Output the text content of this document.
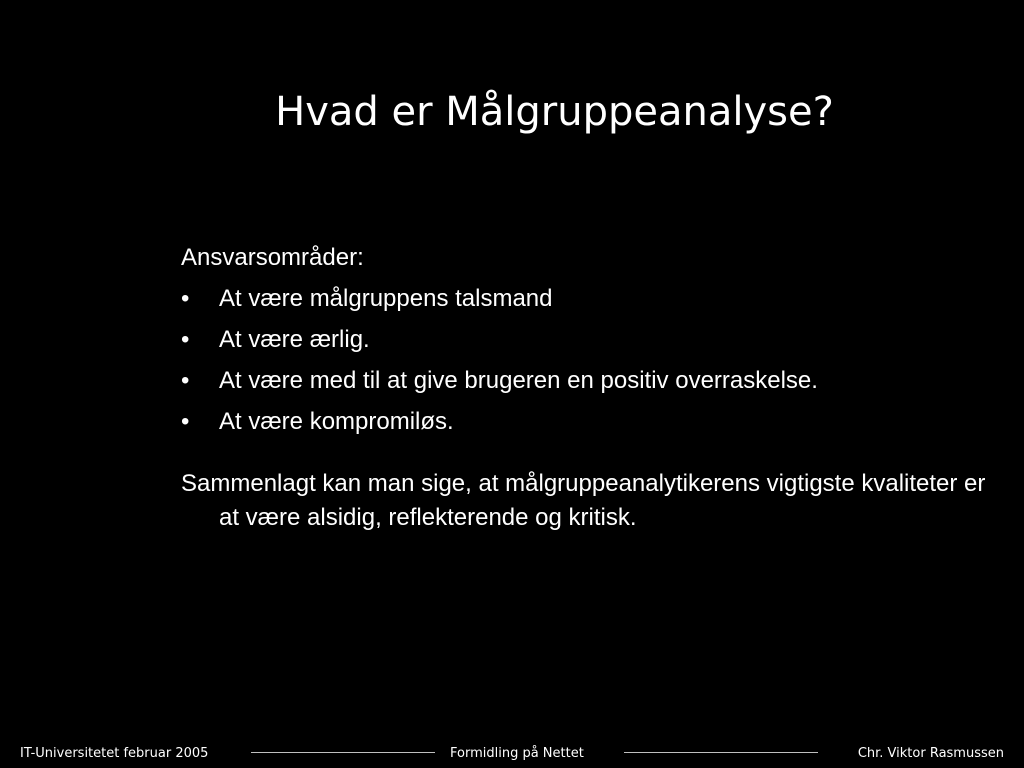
Hvad er Målgruppeanalyse?
Ansvarsområder:
• At være målgruppens talsmand
• At være ærlig.
• At være med til at give brugeren en positiv overraskelse.
• At være kompromiløs.
Sammenlagt kan man sige, at målgruppeanalytikerens vigtigste kvaliteter er at være alsidig, reflekterende og kritisk.
IT-Universitetet februar 2005	Formidling på Nettet	Chr. Viktor Rasmussen
